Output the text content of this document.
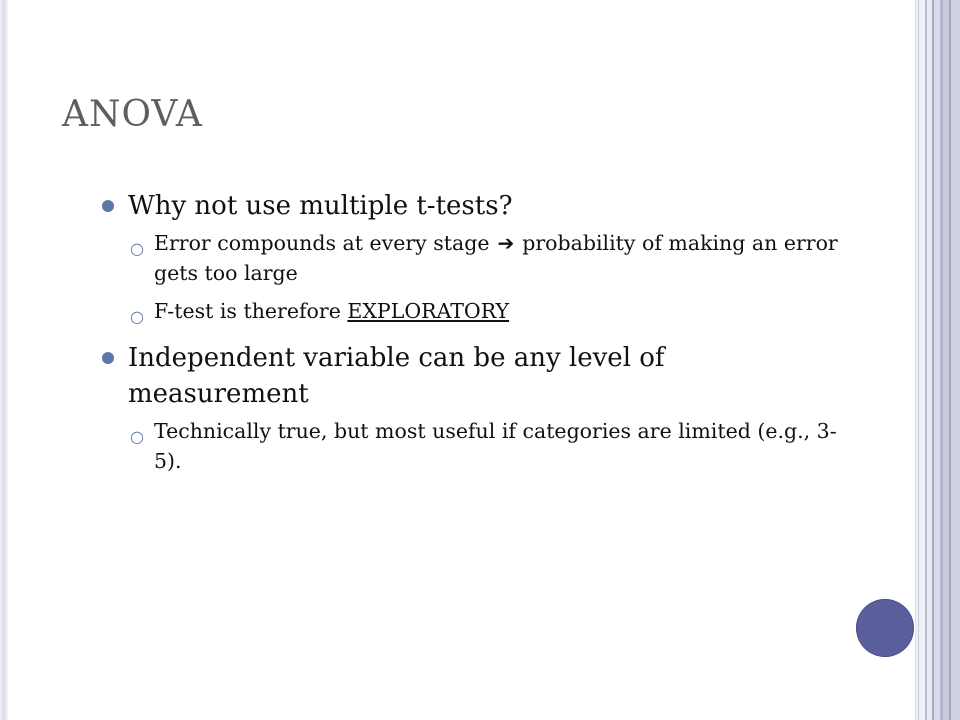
ANOVA
Why not use multiple t-tests?
○ Error compounds at every stage ➔ probability of making an error gets too large
○ F-test is therefore EXPLORATORY
Independent variable can be any level of measurement
○ Technically true, but most useful if categories are limited (e.g., 3-5).
